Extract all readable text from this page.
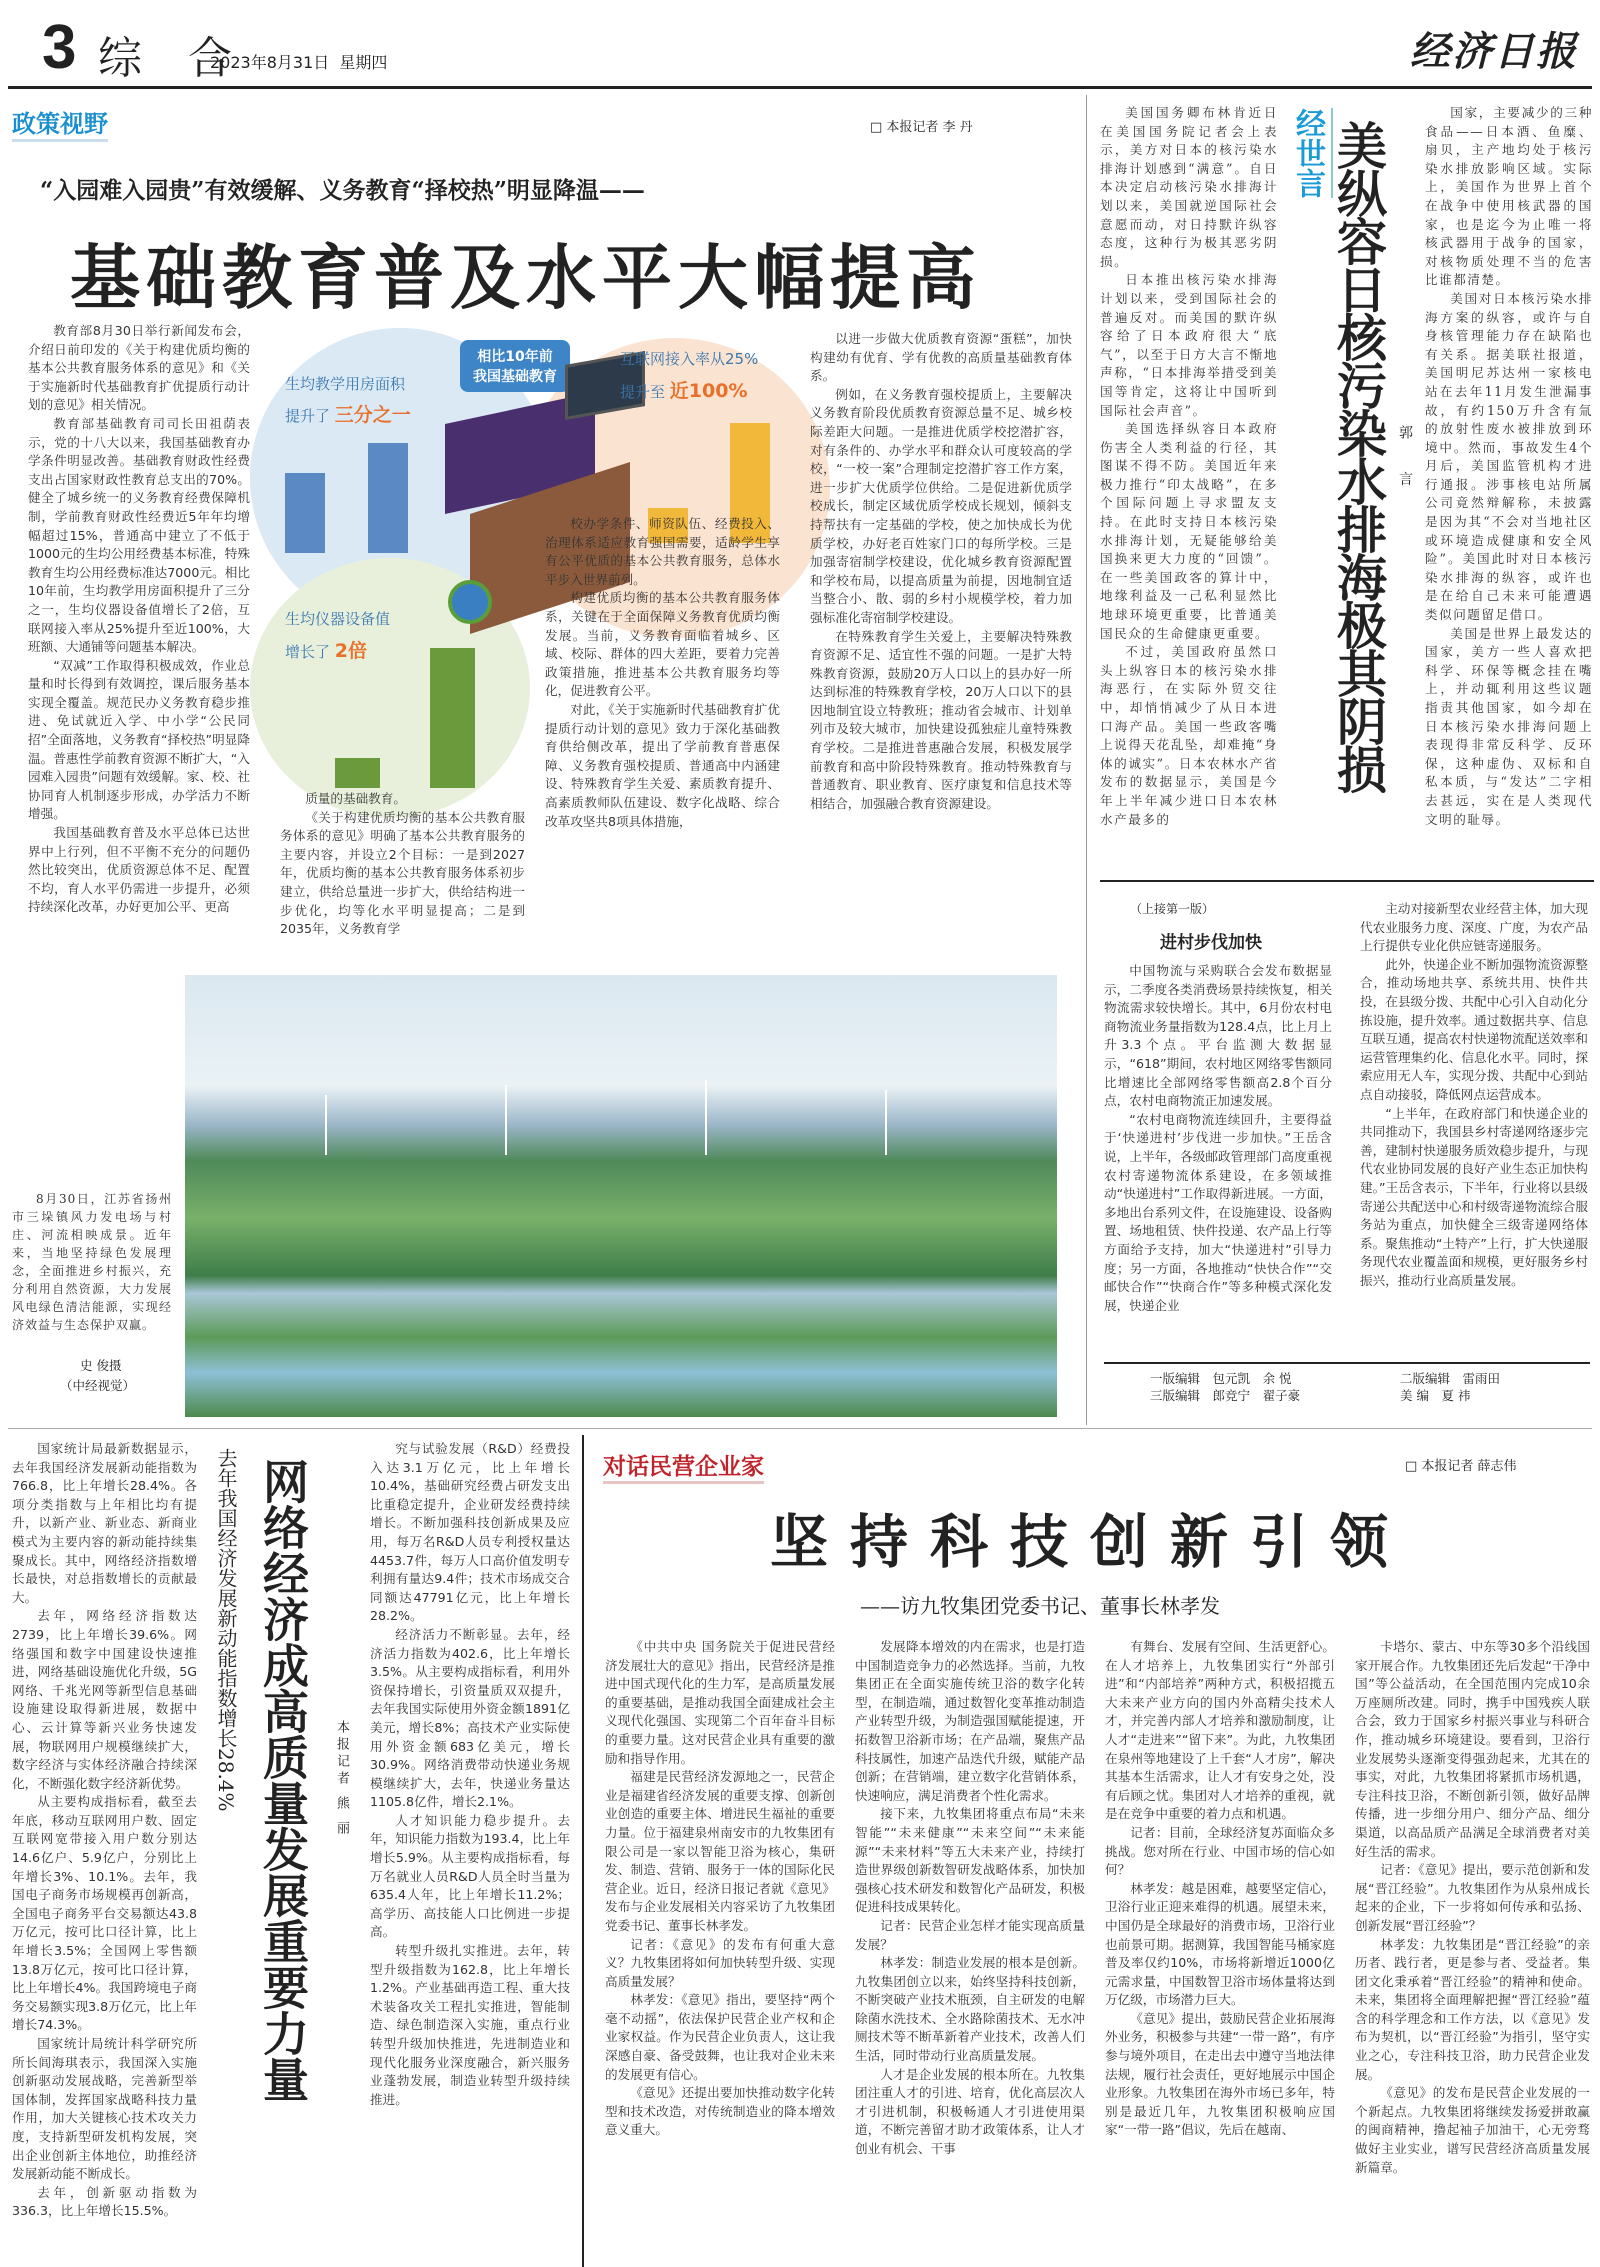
3 综 合
2023年8月31日  星期四	经济日报
政策视野	□ 本报记者 李 丹
“入园难入园贵”有效缓解、义务教育“择校热”明显降温——
基础教育普及水平大幅提高

教育部8月30日举行新闻发布会，介绍日前印发的《关于构建优质均衡的基本公共教育服务体系的意见》和《关于实施新时代基础教育扩优提质行动计划的意见》相关情况。

教育部基础教育司司长田祖荫表示，党的十八大以来，我国基础教育办学条件明显改善。基础教育财政性经费支出占国家财政性教育总支出的70%。健全了城乡统一的义务教育经费保障机制，学前教育财政性经费近5年年均增幅超过15%，普通高中建立了不低于1000元的生均公用经费基本标准，特殊教育生均公用经费标准达7000元。相比10年前，生均教学用房面积提升了三分之一，生均仪器设备值增长了2倍，互联网接入率从25%提升至近100%，大班额、大通铺等问题基本解决。

“双减”工作取得积极成效，作业总量和时长得到有效调控，课后服务基本实现全覆盖。规范民办义务教育稳步推进、免试就近入学、中小学“公民同招”全面落地，义务教育“择校热”明显降温。普惠性学前教育资源不断扩大，“入园难入园贵”问题有效缓解。家、校、社协同育人机制逐步形成，办学活力不断增强。

我国基础教育普及水平总体已达世界中上行列，但不平衡不充分的问题仍然比较突出，优质资源总体不足、配置不均，育人水平仍需进一步提升，必须持续深化改革，办好更加公平、更高

相比10年前
我国基础教育
生均教学用房面积
提升了 三分之一
互联网接入率从25%
提升至 近100%
生均仪器设备值
增长了 2倍

质量的基础教育。

《关于构建优质均衡的基本公共教育服务体系的意见》明确了基本公共教育服务的主要内容，并设立2个目标：一是到2027年，优质均衡的基本公共教育服务体系初步建立，供给总量进一步扩大，供给结构进一步优化，均等化水平明显提高；二是到2035年，义务教育学

校办学条件、师资队伍、经费投入、治理体系适应教育强国需要，适龄学生享有公平优质的基本公共教育服务，总体水平步入世界前列。

构建优质均衡的基本公共教育服务体系，关键在于全面保障义务教育优质均衡发展。当前，义务教育面临着城乡、区域、校际、群体的四大差距，要着力完善政策措施，推进基本公共教育服务均等化，促进教育公平。

对此，《关于实施新时代基础教育扩优提质行动计划的意见》致力于深化基础教育供给侧改革，提出了学前教育普惠保障、义务教育强校提质、普通高中内涵建设、特殊教育学生关爱、素质教育提升、高素质教师队伍建设、数字化战略、综合改革攻坚共8项具体措施，

以进一步做大优质教育资源“蛋糕”，加快构建幼有优育、学有优教的高质量基础教育体系。

例如，在义务教育强校提质上，主要解决义务教育阶段优质教育资源总量不足、城乡校际差距大问题。一是推进优质学校挖潜扩容，对有条件的、办学水平和群众认可度较高的学校，“一校一案”合理制定挖潜扩容工作方案，进一步扩大优质学位供给。二是促进新优质学校成长，制定区域优质学校成长规划，倾斜支持帮扶有一定基础的学校，使之加快成长为优质学校，办好老百姓家门口的每所学校。三是加强寄宿制学校建设，优化城乡教育资源配置和学校布局，以提高质量为前提，因地制宜适当整合小、散、弱的乡村小规模学校，着力加强标准化寄宿制学校建设。

在特殊教育学生关爱上，主要解决特殊教育资源不足、适宜性不强的问题。一是扩大特殊教育资源，鼓励20万人口以上的县办好一所达到标准的特殊教育学校，20万人口以下的县因地制宜设立特教班；推动省会城市、计划单列市及较大城市，加快建设孤独症儿童特殊教育学校。二是推进普惠融合发展，积极发展学前教育和高中阶段特殊教育。推动特殊教育与普通教育、职业教育、医疗康复和信息技术等相结合，加强融合教育资源建设。

美国国务卿布林肯近日在美国国务院记者会上表示，美方对日本的核污染水排海计划感到“满意”。自日本决定启动核污染水排海计划以来，美国就逆国际社会意愿而动，对日持默许纵容态度，这种行为极其恶劣阴损。

日本推出核污染水排海计划以来，受到国际社会的普遍反对。而美国的默许纵容给了日本政府很大“底气”，以至于日方大言不惭地声称，“日本排海举措受到美国等肯定，这将让中国听到国际社会声音”。

美国选择纵容日本政府伤害全人类利益的行径，其图谋不得不防。美国近年来极力推行“印太战略”，在多个国际问题上寻求盟友支持。在此时支持日本核污染水排海计划，无疑能够给美国换来更大力度的“回馈”。在一些美国政客的算计中，地缘利益及一己私利显然比地球环境更重要，比普通美国民众的生命健康更重要。

不过，美国政府虽然口头上纵容日本的核污染水排海恶行，在实际外贸交往中，却悄悄减少了从日本进口海产品。美国一些政客嘴上说得天花乱坠，却难掩“身体的诚实”。日本农林水产省发布的数据显示，美国是今年上半年减少进口日本农林水产最多的

经世言 美纵容日核污染水排海极其阴损 郭 言

国家，主要减少的三种食品——日本酒、鱼糜、扇贝，主产地均处于核污染水排放影响区域。实际上，美国作为世界上首个在战争中使用核武器的国家，也是迄今为止唯一将核武器用于战争的国家，对核物质处理不当的危害比谁都清楚。

美国对日本核污染水排海方案的纵容，或许与自身核管理能力存在缺陷也有关系。据美联社报道，美国明尼苏达州一家核电站在去年11月发生泄漏事故，有约150万升含有氚的放射性废水被排放到环境中。然而，事故发生4个月后，美国监管机构才进行通报。涉事核电站所属公司竟然辩解称，未披露是因为其“不会对当地社区或环境造成健康和安全风险”。美国此时对日本核污染水排海的纵容，或许也是在给自己未来可能遭遇类似问题留足借口。

美国是世界上最发达的国家，美方一些人喜欢把科学、环保等概念挂在嘴上，并动辄利用这些议题指责其他国家，如今却在日本核污染水排海问题上表现得非常反科学、反环保，这种虚伪、双标和自私本质，与“发达”二字相去甚远，实在是人类现代文明的耻辱。

（上接第一版）
进村步伐加快

中国物流与采购联合会发布数据显示，二季度各类消费场景持续恢复，相关物流需求较快增长。其中，6月份农村电商物流业务量指数为128.4点，比上月上升3.3个点。平台监测大数据显示，“618”期间，农村地区网络零售额同比增速比全部网络零售额高2.8个百分点，农村电商物流正加速发展。

“农村电商物流连续回升，主要得益于‘快递进村’步伐进一步加快。”王岳含说，上半年，各级邮政管理部门高度重视农村寄递物流体系建设，在多领域推动“快递进村”工作取得新进展。一方面，多地出台系列文件，在设施建设、设备购置、场地租赁、快件投递、农产品上行等方面给予支持，加大“快递进村”引导力度；另一方面，各地推动“快快合作”“交邮快合作”“快商合作”等多种模式深化发展，快递企业

主动对接新型农业经营主体，加大现代农业服务力度、深度、广度，为农产品上行提供专业化供应链寄递服务。

此外，快递企业不断加强物流资源整合，推动场地共享、系统共用、快件共投，在县级分拨、共配中心引入自动化分拣设施，提升效率。通过数据共享、信息互联互通，提高农村快递物流配送效率和运营管理集约化、信息化水平。同时，探索应用无人车，实现分拨、共配中心到站点自动接驳，降低网点运营成本。

“上半年，在政府部门和快递企业的共同推动下，我国县乡村寄递网络逐步完善，建制村快递服务质效稳步提升，与现代农业协同发展的良好产业生态正加快构建。”王岳含表示，下半年，行业将以县级寄递公共配送中心和村级寄递物流综合服务站为重点，加快健全三级寄递网络体系。聚焦推动“土特产”上行，扩大快递服务现代农业覆盖面和规模，更好服务乡村振兴，推动行业高质量发展。

一版编辑　 包元凯　 余 悦	二版编辑　 雷雨田
三版编辑　 郎竞宁　 翟子豪	美 编　 夏 祎

8月30日，江苏省扬州市三垛镇风力发电场与村庄、河流相映成景。近年来，当地坚持绿色发展理念，全面推进乡村振兴，充分利用自然资源，大力发展风电绿色清洁能源，实现经济效益与生态保护双赢。

史 俊摄
（中经视觉）

国家统计局最新数据显示，去年我国经济发展新动能指数为766.8，比上年增长28.4%。各项分类指数与上年相比均有提升，以新产业、新业态、新商业模式为主要内容的新动能持续集聚成长。其中，网络经济指数增长最快，对总指数增长的贡献最大。

去年，网络经济指数达2739，比上年增长39.6%。网络强国和数字中国建设快速推进，网络基础设施优化升级，5G网络、千兆光网等新型信息基础设施建设取得新进展，数据中心、云计算等新兴业务快速发展，物联网用户规模继续扩大，数字经济与实体经济融合持续深化，不断强化数字经济新优势。

从主要构成指标看，截至去年底，移动互联网用户数、固定互联网宽带接入用户数分别达14.6亿户、5.9亿户，分别比上年增长3%、10.1%。去年，我国电子商务市场规模再创新高，全国电子商务平台交易额达43.8万亿元，按可比口径计算，比上年增长3.5%；全国网上零售额13.8万亿元，按可比口径计算，比上年增长4%。我国跨境电子商务交易额实现3.8万亿元，比上年增长74.3%。

国家统计局统计科学研究所所长闾海琪表示，我国深入实施创新驱动发展战略，完善新型举国体制，发挥国家战略科技力量作用，加大关键核心技术攻关力度，支持新型研发机构发展，突出企业创新主体地位，助推经济发展新动能不断成长。

去年，创新驱动指数为336.3，比上年增长15.5%。

去年我国经济发展新动能指数增长28.4% 网络经济成高质量发展重要力量 本报记者 熊 丽

究与试验发展（R&D）经费投入达3.1万亿元，比上年增长10.4%，基础研究经费占研发支出比重稳定提升，企业研发经费持续增长。不断加强科技创新成果及应用，每万名R&D人员专利授权量达4453.7件，每万人口高价值发明专利拥有量达9.4件；技术市场成交合同额达47791亿元，比上年增长28.2%。

经济活力不断彰显。去年，经济活力指数为402.6，比上年增长3.5%。从主要构成指标看，利用外资保持增长，引资量质双双提升，去年我国实际使用外资金额1891亿美元，增长8%；高技术产业实际使用外资金额683亿美元，增长30.9%。网络消费带动快递业务规模继续扩大，去年，快递业务量达1105.8亿件，增长2.1%。

人才知识能力稳步提升。去年，知识能力指数为193.4，比上年增长5.9%。从主要构成指标看，每万名就业人员R&D人员全时当量为635.4人年，比上年增长11.2%；高学历、高技能人口比例进一步提高。

转型升级扎实推进。去年，转型升级指数为162.8，比上年增长1.2%。产业基础再造工程、重大技术装备攻关工程扎实推进，智能制造、绿色制造深入实施，重点行业转型升级加快推进，先进制造业和现代化服务业深度融合，新兴服务业蓬勃发展，制造业转型升级持续推进。

对话民营企业家	□ 本报记者 薛志伟
坚持科技创新引领
——访九牧集团党委书记、董事长林孝发

《中共中央 国务院关于促进民营经济发展壮大的意见》指出，民营经济是推进中国式现代化的生力军，是高质量发展的重要基础，是推动我国全面建成社会主义现代化强国、实现第二个百年奋斗目标的重要力量。这对民营企业具有重要的激励和指导作用。

福建是民营经济发源地之一，民营企业是福建省经济发展的重要支撑、创新创业创造的重要主体、增进民生福祉的重要力量。位于福建泉州南安市的九牧集团有限公司是一家以智能卫浴为核心，集研发、制造、营销、服务于一体的国际化民营企业。近日，经济日报记者就《意见》发布与企业发展相关内容采访了九牧集团党委书记、董事长林孝发。

记者：《意见》的发布有何重大意义？九牧集团将如何加快转型升级、实现高质量发展？

林孝发：《意见》指出，要坚持“两个毫不动摇”，依法保护民营企业产权和企业家权益。作为民营企业负责人，这让我深感自豪、备受鼓舞，也让我对企业未来的发展更有信心。

《意见》还提出要加快推动数字化转型和技术改造，对传统制造业的降本增效意义重大。

发展降本增效的内在需求，也是打造中国制造竞争力的必然选择。当前，九牧集团正在全面实施传统卫浴的数字化转型，在制造端，通过数智化变革推动制造产业转型升级，为制造强国赋能提速，开拓数智卫浴新市场；在产品端，聚焦产品科技属性，加速产品迭代升级，赋能产品创新；在营销端，建立数字化营销体系，快速响应，满足消费者个性化需求。

接下来，九牧集团将重点布局“未来智能”“未来健康”“未来空间”“未来能源”“未来材料”等五大未来产业，持续打造世界级创新数智研发战略体系，加快加强核心技术研发和数智化产品研发，积极促进科技成果转化。

记者：民营企业怎样才能实现高质量发展？

林孝发：制造业发展的根本是创新。九牧集团创立以来，始终坚持科技创新，不断突破产业技术瓶颈，自主研发的电解除菌水洗技术、全水路除菌技术、无水冲厕技术等不断革新着产业技术，改善人们生活，同时带动行业高质量发展。

人才是企业发展的根本所在。九牧集团注重人才的引进、培育，优化高层次人才引进机制，积极畅通人才引进使用渠道，不断完善留才助才政策体系，让人才创业有机会、干事

有舞台、发展有空间、生活更舒心。在人才培养上，九牧集团实行“外部引进”和“内部培养”两种方式，积极招揽五大未来产业方向的国内外高精尖技术人才，并完善内部人才培养和激励制度，让人才“走进来”“留下来”。为此，九牧集团在泉州等地建设了上千套“人才房”，解决其基本生活需求，让人才有安身之处，没有后顾之忧。集团对人才培养的重视，就是在竞争中重要的着力点和机遇。

记者：目前，全球经济复苏面临众多挑战。您对所在行业、中国市场的信心如何？

林孝发：越是困难，越要坚定信心，卫浴行业正迎来难得的机遇。展望未来，中国仍是全球最好的消费市场，卫浴行业也前景可期。据测算，我国智能马桶家庭普及率仅约10%，市场将新增近1000亿元需求量，中国数智卫浴市场体量将达到万亿级，市场潜力巨大。

《意见》提出，鼓励民营企业拓展海外业务，积极参与共建“一带一路”，有序参与境外项目，在走出去中遵守当地法律法规，履行社会责任，更好地展示中国企业形象。九牧集团在海外市场已多年，特别是最近几年，九牧集团积极响应国家“一带一路”倡议，先后在越南、

卡塔尔、蒙古、中东等30多个沿线国家开展合作。九牧集团还先后发起“干净中国”等公益活动，在全国范围内完成10余万座厕所改建。同时，携手中国残疾人联合会，致力于国家乡村振兴事业与科研合作，推动城乡环境建设。要看到，卫浴行业发展势头逐渐变得强劲起来，尤其在的事实，对此，九牧集团将紧抓市场机遇，专注科技卫浴，不断创新引领，做好品牌传播，进一步细分用户、细分产品、细分渠道，以高品质产品满足全球消费者对美好生活的需求。

记者：《意见》提出，要示范创新和发展“晋江经验”。九牧集团作为从泉州成长起来的企业，下一步将如何传承和弘扬、创新发展“晋江经验”？

林孝发：九牧集团是“晋江经验”的亲历者、践行者，更是参与者、受益者。集团文化秉承着“晋江经验”的精神和使命。未来，集团将全面理解把握“晋江经验”蕴含的科学理念和工作方法，以《意见》发布为契机，以“晋江经验”为指引，坚守实业之心，专注科技卫浴，助力民营企业发展。

《意见》的发布是民营企业发展的一个新起点。九牧集团将继续发扬爱拼敢赢的闽商精神，撸起袖子加油干，心无旁骛做好主业实业，谱写民营经济高质量发展新篇章。
